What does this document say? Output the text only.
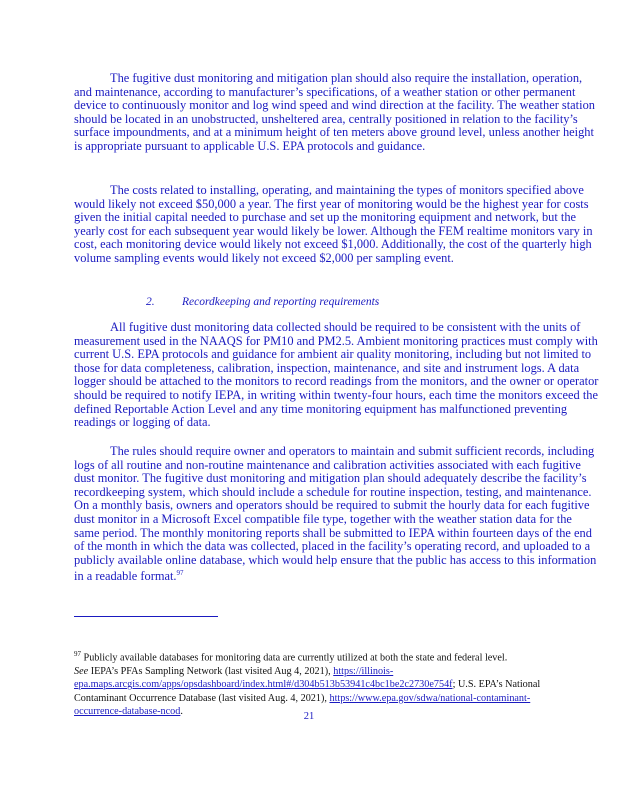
The fugitive dust monitoring and mitigation plan should also require the installation, operation, and maintenance, according to manufacturer’s specifications, of a weather station or other permanent device to continuously monitor and log wind speed and wind direction at the facility. The weather station should be located in an unobstructed, unsheltered area, centrally positioned in relation to the facility’s surface impoundments, and at a minimum height of ten meters above ground level, unless another height is appropriate pursuant to applicable U.S. EPA protocols and guidance.

The costs related to installing, operating, and maintaining the types of monitors specified above would likely not exceed $50,000 a year. The first year of monitoring would be the highest year for costs given the initial capital needed to purchase and set up the monitoring equipment and network, but the yearly cost for each subsequent year would likely be lower. Although the FEM realtime monitors vary in cost, each monitoring device would likely not exceed $1,000. Additionally, the cost of the quarterly high volume sampling events would likely not exceed $2,000 per sampling event.

2. Recordkeeping and reporting requirements

All fugitive dust monitoring data collected should be required to be consistent with the units of measurement used in the NAAQS for PM10 and PM2.5. Ambient monitoring practices must comply with current U.S. EPA protocols and guidance for ambient air quality monitoring, including but not limited to those for data completeness, calibration, inspection, maintenance, and site and instrument logs. A data logger should be attached to the monitors to record readings from the monitors, and the owner or operator should be required to notify IEPA, in writing within twenty-four hours, each time the monitors exceed the defined Reportable Action Level and any time monitoring equipment has malfunctioned preventing readings or logging of data.

The rules should require owner and operators to maintain and submit sufficient records, including logs of all routine and non-routine maintenance and calibration activities associated with each fugitive dust monitor. The fugitive dust monitoring and mitigation plan should adequately describe the facility’s recordkeeping system, which should include a schedule for routine inspection, testing, and maintenance. On a monthly basis, owners and operators should be required to submit the hourly data for each fugitive dust monitor in a Microsoft Excel compatible file type, together with the weather station data for the same period. The monthly monitoring reports shall be submitted to IEPA within fourteen days of the end of the month in which the data was collected, placed in the facility’s operating record, and uploaded to a publicly available online database, which would help ensure that the public has access to this information in a readable format.$^{97}$

$^{97}$ Publicly available databases for monitoring data are currently utilized at both the state and federal level.
See IEPA’s PFAs Sampling Network (last visited Aug 4, 2021), https://illinois-epa.maps.arcgis.com/apps/opsdashboard/index.html#/d304b513b53941c4bc1be2c2730e754f; U.S. EPA’s National Contaminant Occurrence Database (last visited Aug. 4, 2021), https://www.epa.gov/sdwa/national-contaminant-occurrence-database-ncod.	21
